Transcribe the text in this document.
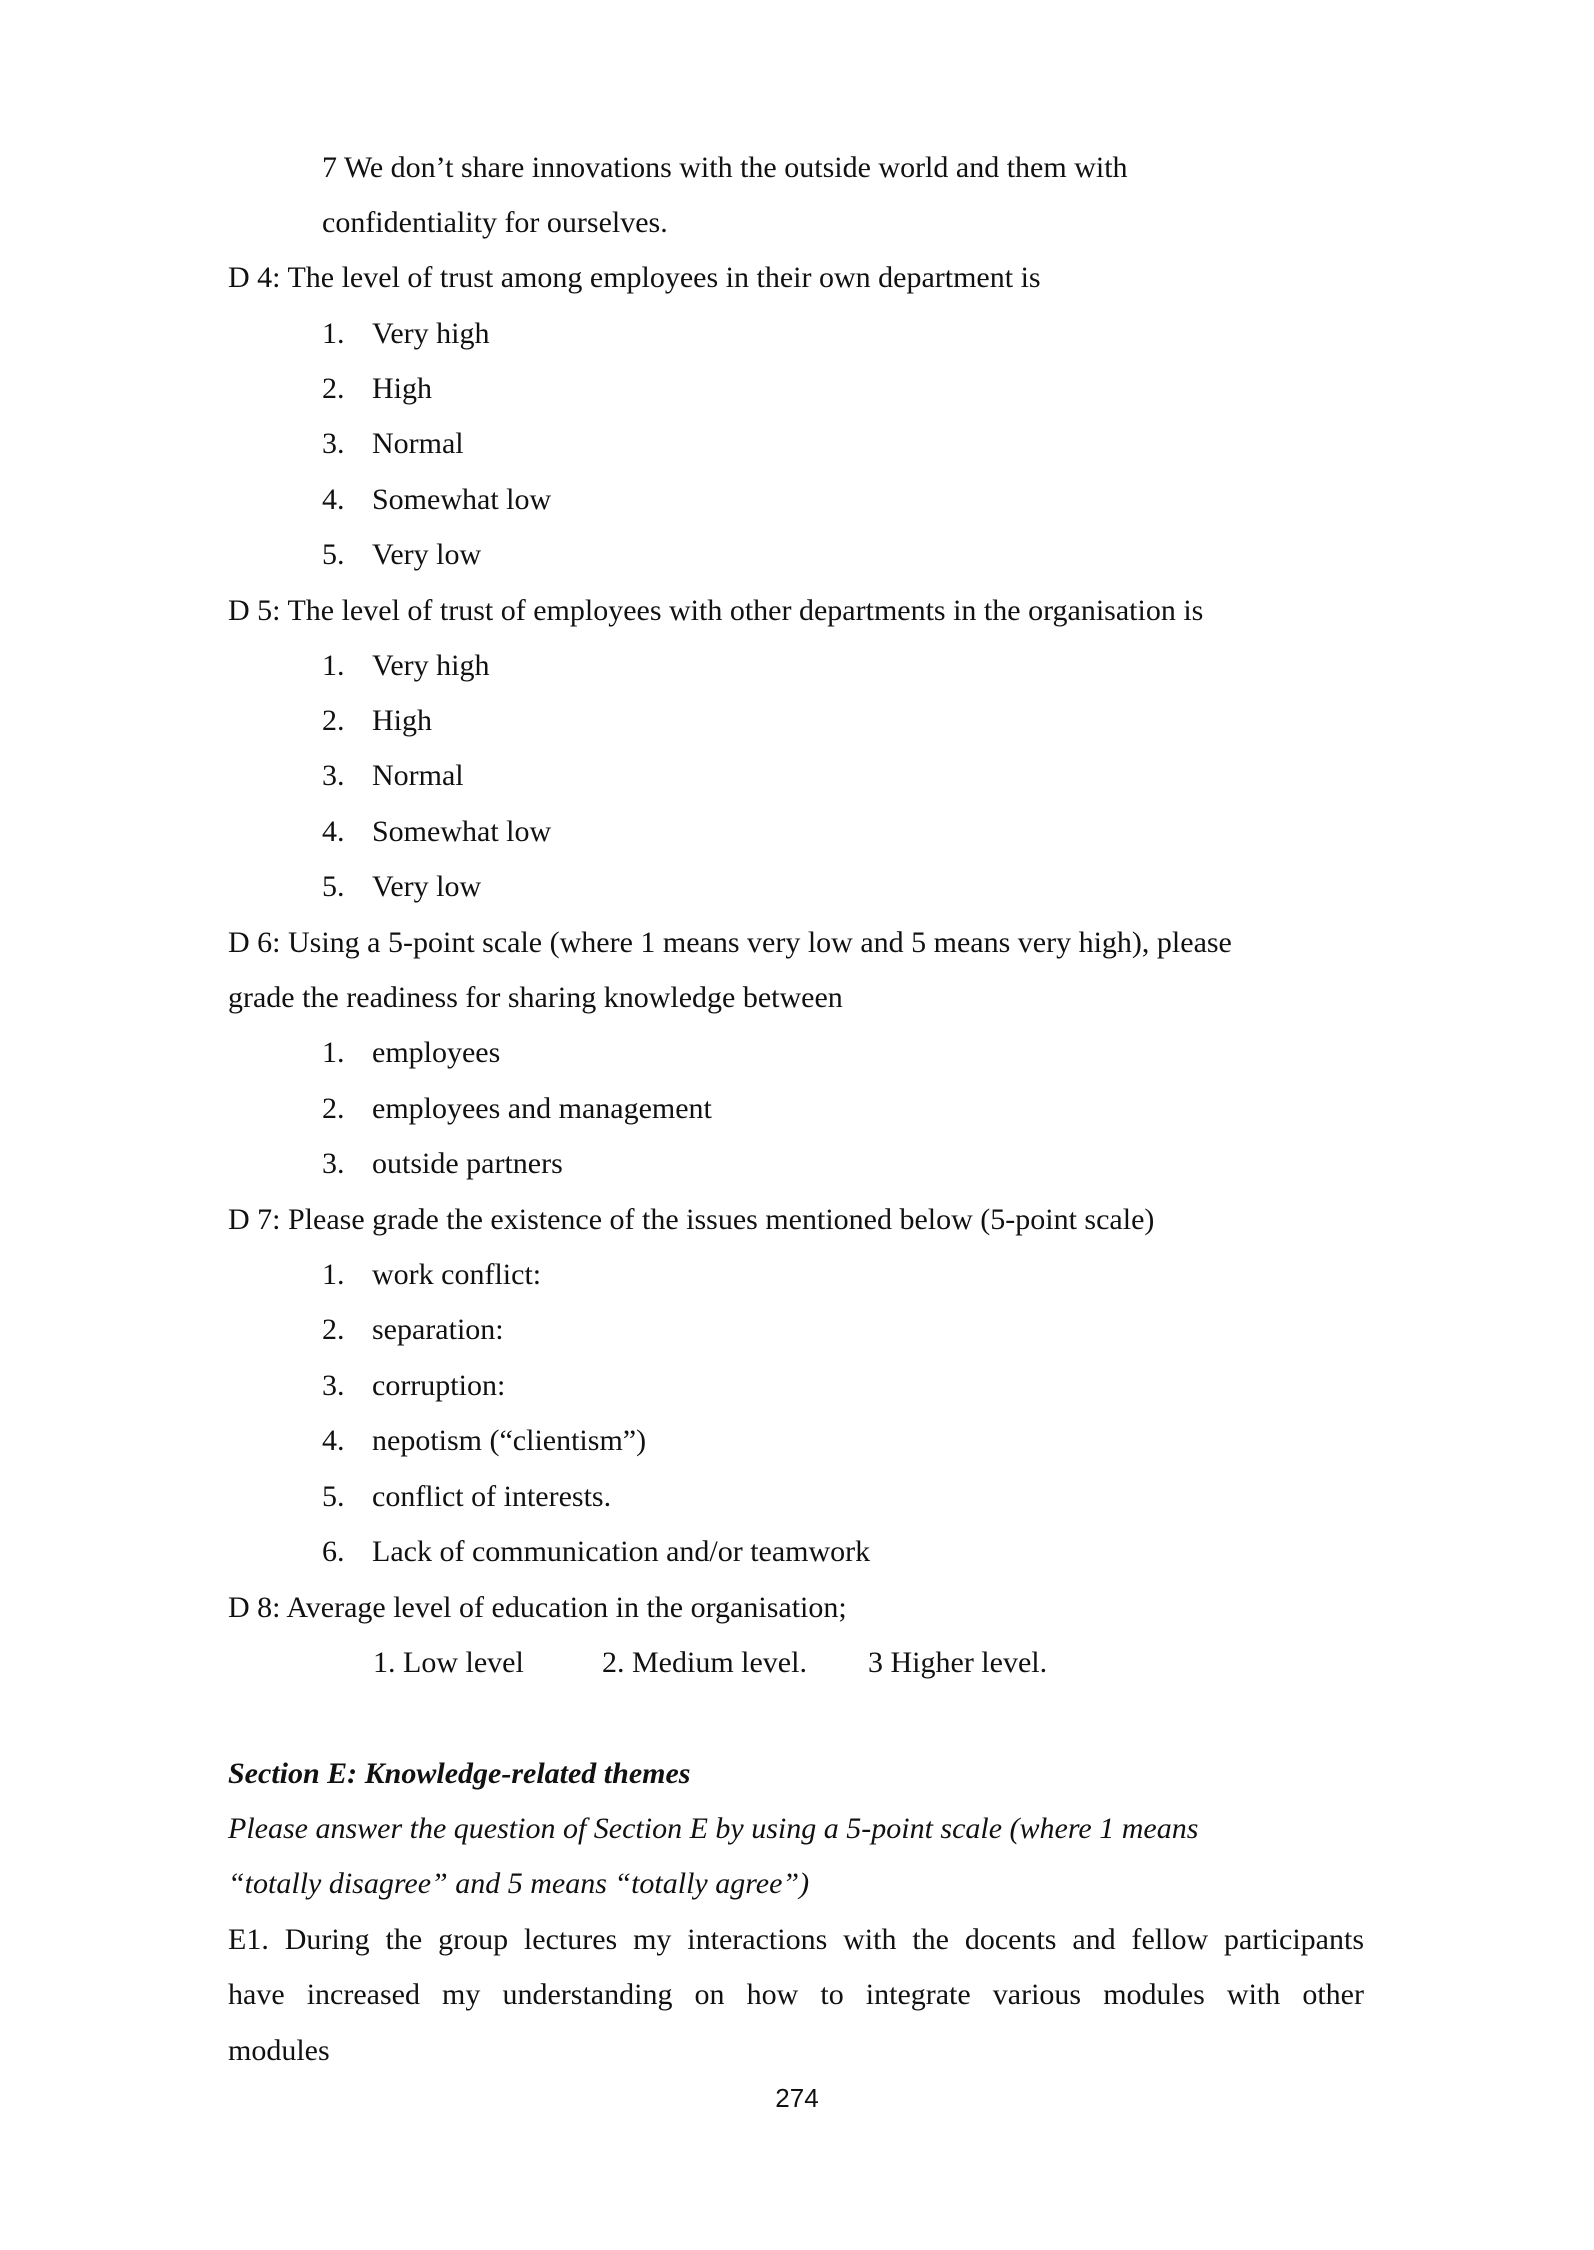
7 We don’t share innovations with the outside world and them with
confidentiality for ourselves.
D 4: The level of trust among employees in their own department is
1. Very high
2. High
3. Normal
4. Somewhat low
5. Very low
D 5: The level of trust of employees with other departments in the organisation is
1. Very high
2. High
3. Normal
4. Somewhat low
5. Very low
D 6: Using a 5-point scale (where 1 means very low and 5 means very high), please
grade the readiness for sharing knowledge between
1. employees
2. employees and management
3. outside partners
D 7: Please grade the existence of the issues mentioned below (5-point scale)
1. work conflict:
2. separation:
3. corruption:
4. nepotism (“clientism”)
5. conflict of interests.
6. Lack of communication and/or teamwork
D 8: Average level of education in the organisation;
1. Low level	2. Medium level. 3 Higher level.
Section E: Knowledge-related themes
Please answer the question of Section E by using a 5-point scale (where 1 means
“totally disagree” and 5 means “totally agree”)
E1. During the group lectures my interactions with the docents and fellow participants
have increased my understanding on how to integrate various modules with other
modules
274
